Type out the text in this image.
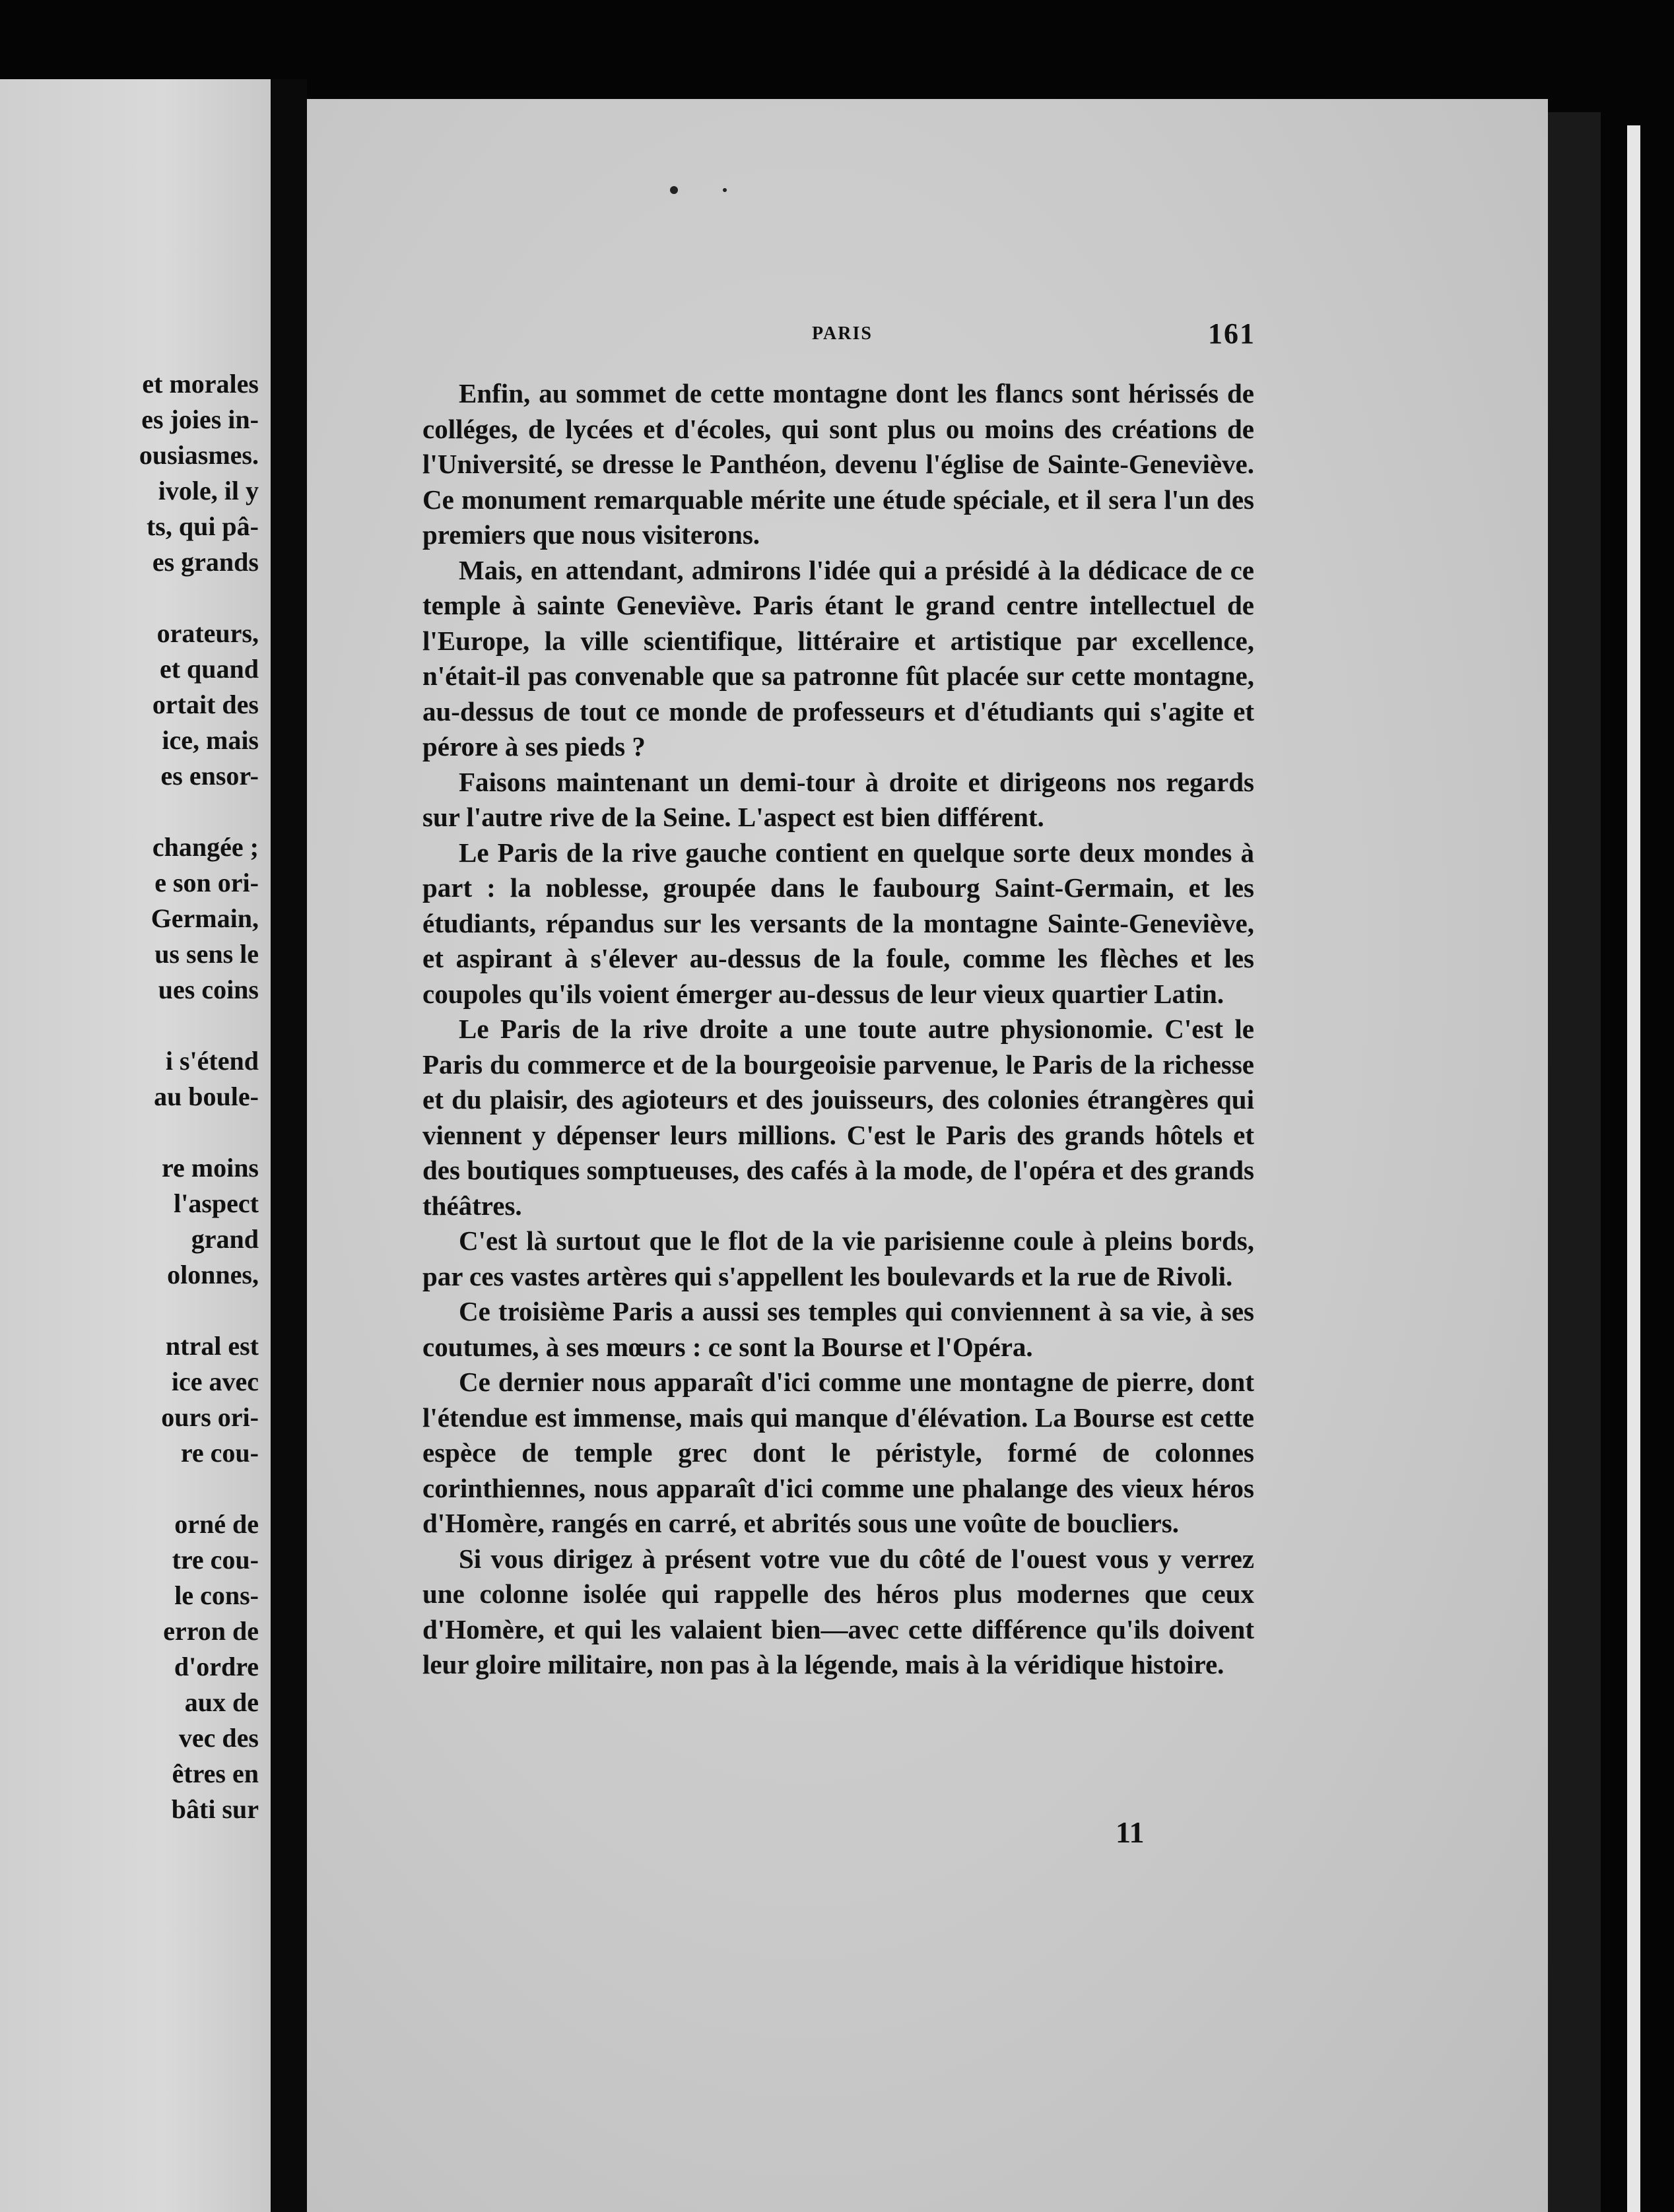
et morales
es joies in-
ousiasmes.
ivole, il y
ts, qui pâ-
es grands
orateurs,
et quand
ortait des
ice, mais
es ensor-
changée ;
e son ori-
Germain,
us sens le
ues coins
i s'étend
au boule-
re moins
l'aspect
grand
olonnes,
ntral est
ice avec
ours ori-
re cou-
orné de
tre cou-
le cons-
erron de
d'ordre
aux de
vec des
êtres en
bâti sur
PARIS	161

Enfin, au sommet de cette montagne dont les flancs sont hérissés de colléges, de lycées et d'écoles, qui sont plus ou moins des créations de l'Université, se dresse le Panthéon, devenu l'église de Sainte-Geneviève. Ce monument remarquable mérite une étude spéciale, et il sera l'un des premiers que nous visiterons.

Mais, en attendant, admirons l'idée qui a présidé à la dédicace de ce temple à sainte Geneviève. Paris étant le grand centre intellectuel de l'Europe, la ville scientifique, littéraire et artistique par excellence, n'était-il pas convenable que sa patronne fût placée sur cette montagne, au-dessus de tout ce monde de professeurs et d'étudiants qui s'agite et pérore à ses pieds ?

Faisons maintenant un demi-tour à droite et dirigeons nos regards sur l'autre rive de la Seine. L'aspect est bien différent.

Le Paris de la rive gauche contient en quelque sorte deux mondes à part : la noblesse, groupée dans le faubourg Saint-Germain, et les étudiants, répandus sur les versants de la montagne Sainte-Geneviève, et aspirant à s'élever au-dessus de la foule, comme les flèches et les coupoles qu'ils voient émerger au-dessus de leur vieux quartier Latin.

Le Paris de la rive droite a une toute autre physionomie. C'est le Paris du commerce et de la bourgeoisie parvenue, le Paris de la richesse et du plaisir, des agioteurs et des jouisseurs, des colonies étrangères qui viennent y dépenser leurs millions. C'est le Paris des grands hôtels et des boutiques somptueuses, des cafés à la mode, de l'opéra et des grands théâtres.

C'est là surtout que le flot de la vie parisienne coule à pleins bords, par ces vastes artères qui s'appellent les boulevards et la rue de Rivoli.

Ce troisième Paris a aussi ses temples qui conviennent à sa vie, à ses coutumes, à ses mœurs : ce sont la Bourse et l'Opéra.

Ce dernier nous apparaît d'ici comme une montagne de pierre, dont l'étendue est immense, mais qui manque d'élévation. La Bourse est cette espèce de temple grec dont le péristyle, formé de colonnes corinthiennes, nous apparaît d'ici comme une phalange des vieux héros d'Homère, rangés en carré, et abrités sous une voûte de boucliers.

Si vous dirigez à présent votre vue du côté de l'ouest vous y verrez une colonne isolée qui rappelle des héros plus modernes que ceux d'Homère, et qui les valaient bien—avec cette différence qu'ils doivent leur gloire militaire, non pas à la légende, mais à la véridique histoire.

11
